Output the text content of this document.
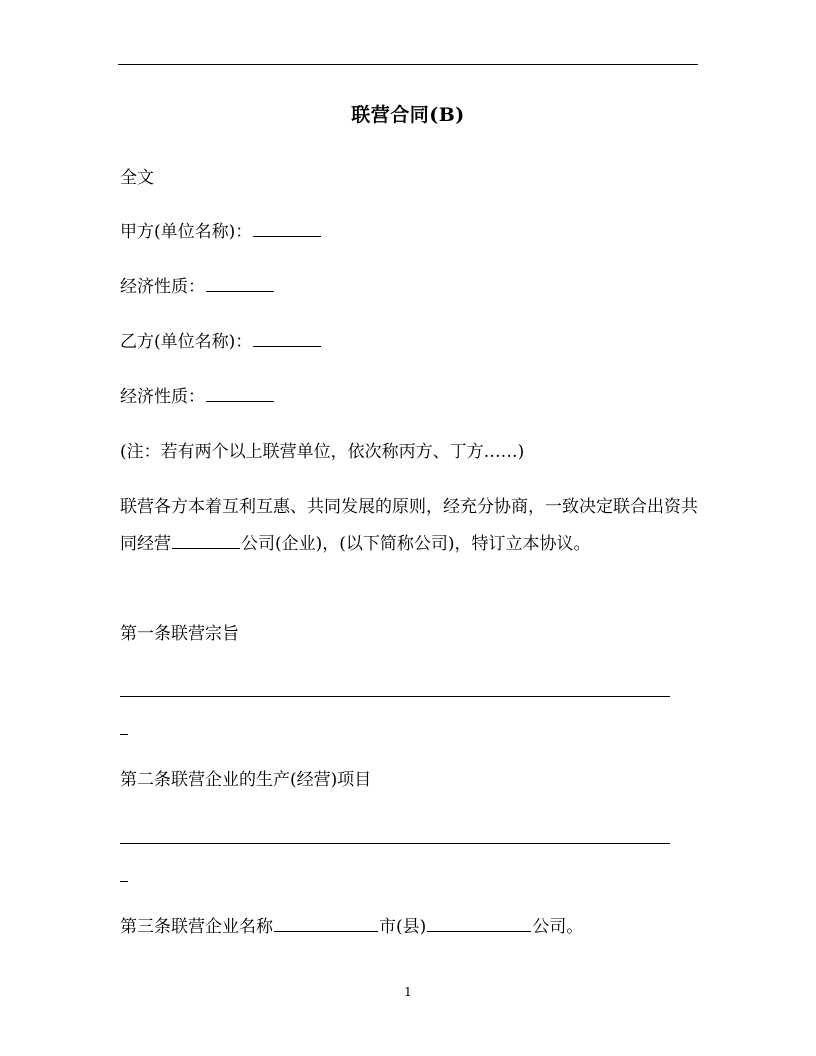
联营合同(B)
全文
甲方(单位名称)：
经济性质：
乙方(单位名称)：
经济性质：
(注：若有两个以上联营单位，依次称丙方、丁方……)
联营各方本着互利互惠、共同发展的原则，经充分协商，一致决定联合出资共同经营	公司(企业)，(以下简称公司)，特订立本协议。
第一条联营宗旨
第二条联营企业的生产(经营)项目
第三条联营企业名称	市(县)	公司。
1
